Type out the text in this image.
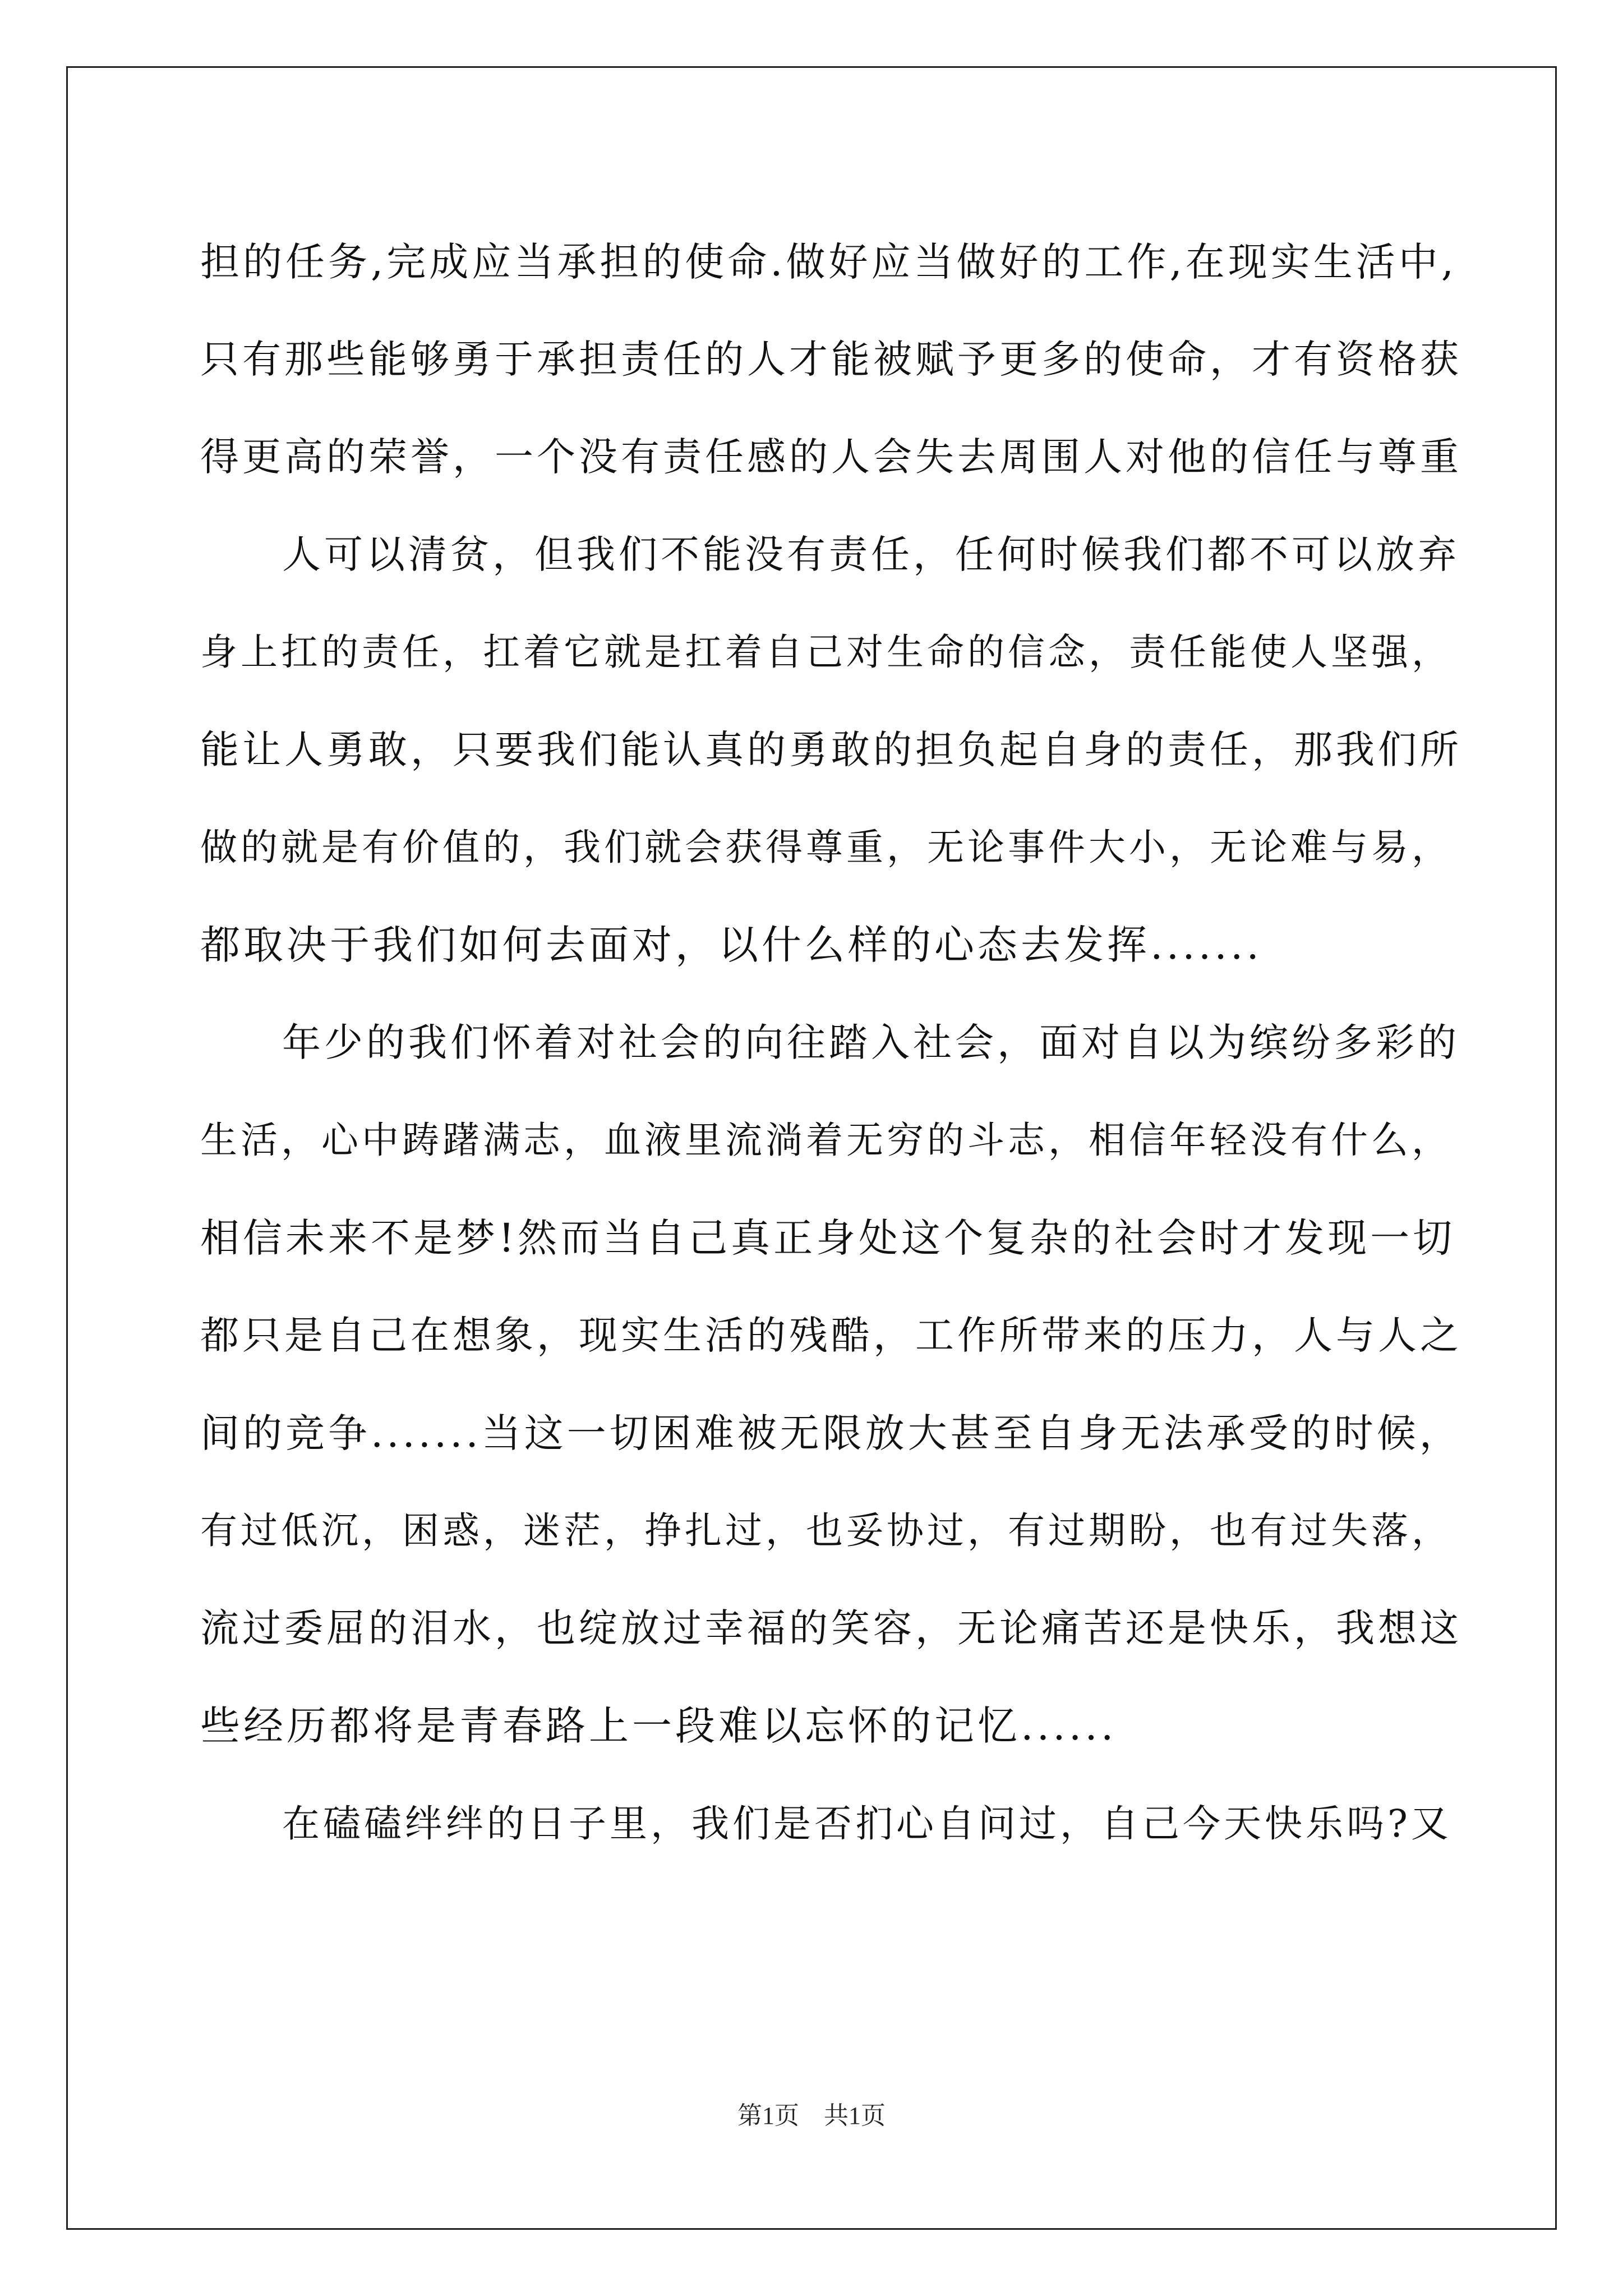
担的任务,完成应当承担的使命.做好应当做好的工作,在现实生活中,
只有那些能够勇于承担责任的人才能被赋予更多的使命，才有资格获
得更高的荣誉，一个没有责任感的人会失去周围人对他的信任与尊重
人可以清贫，但我们不能没有责任，任何时候我们都不可以放弃
身上扛的责任，扛着它就是扛着自己对生命的信念，责任能使人坚强，
能让人勇敢，只要我们能认真的勇敢的担负起自身的责任，那我们所
做的就是有价值的，我们就会获得尊重，无论事件大小，无论难与易，
都取决于我们如何去面对，以什么样的心态去发挥.......
年少的我们怀着对社会的向往踏入社会，面对自以为缤纷多彩的
生活，心中踌躇满志，血液里流淌着无穷的斗志，相信年轻没有什么，
相信未来不是梦!然而当自己真正身处这个复杂的社会时才发现一切
都只是自己在想象，现实生活的残酷，工作所带来的压力，人与人之
间的竞争.......当这一切困难被无限放大甚至自身无法承受的时候，
有过低沉，困惑，迷茫，挣扎过，也妥协过，有过期盼，也有过失落，
流过委屈的泪水，也绽放过幸福的笑容，无论痛苦还是快乐，我想这
些经历都将是青春路上一段难以忘怀的记忆......
在磕磕绊绊的日子里，我们是否扪心自问过，自己今天快乐吗?又
第1页　共1页
